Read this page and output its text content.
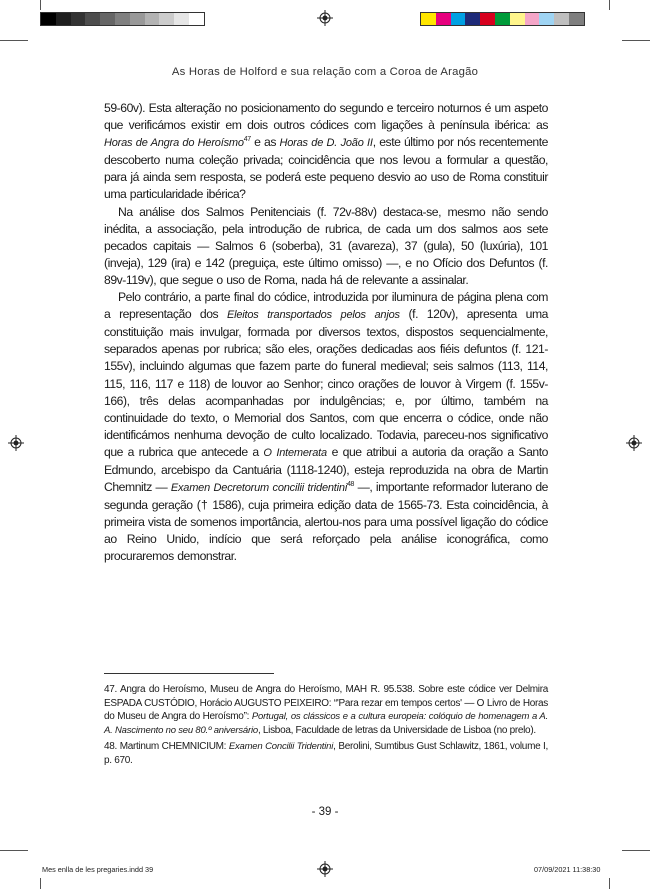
As Horas de Holford e sua relação com a Coroa de Aragão

59-60v). Esta alteração no posicionamento do segundo e terceiro noturnos é um aspeto que verificámos existir em dois outros códices com ligações à península ibérica: as Horas de Angra do Heroísmo$^{47}$ e as Horas de D. João II, este último por nós recentemente descoberto numa coleção privada; coincidência que nos levou a formular a questão, para já ainda sem resposta, se poderá este pequeno desvio ao uso de Roma constituir uma particularidade ibérica?

Na análise dos Salmos Penitenciais (f. 72v-88v) destaca-se, mesmo não sendo inédita, a associação, pela introdução de rubrica, de cada um dos salmos aos sete pecados capitais — Salmos 6 (soberba), 31 (avareza), 37 (gula), 50 (luxúria), 101 (inveja), 129 (ira) e 142 (preguiça, este último omisso) —, e no Ofício dos Defuntos (f. 89v-119v), que segue o uso de Roma, nada há de relevante a assinalar.

Pelo contrário, a parte final do códice, introduzida por iluminura de página plena com a representação dos Eleitos transportados pelos anjos (f. 120v), apresenta uma constituição mais invulgar, formada por diversos textos, dispostos sequencialmente, separados apenas por rubrica; são eles, orações dedicadas aos fiéis defuntos (f. 121-155v), incluindo algumas que fazem parte do funeral medieval; seis salmos (113, 114, 115, 116, 117 e 118) de louvor ao Senhor; cinco orações de louvor à Virgem (f. 155v-166), três delas acompanhadas por indulgências; e, por último, também na continuidade do texto, o Memorial dos Santos, com que encerra o códice, onde não identificámos nenhuma devoção de culto localizado. Todavia, pareceu-nos significativo que a rubrica que antecede a O Intemerata e que atribui a autoria da oração a Santo Edmundo, arcebispo da Cantuária (1118-1240), esteja reproduzida na obra de Martin Chemnitz — Examen Decretorum concilii tridentini$^{48}$ —, importante reformador luterano de segunda geração († 1586), cuja primeira edição data de 1565-73. Esta coincidência, à primeira vista de somenos importância, alertou-nos para uma possível ligação do códice ao Reino Unido, indício que será reforçado pela análise iconográfica, como procuraremos demonstrar.

47. Angra do Heroísmo, Museu de Angra do Heroísmo, MAH R. 95.538. Sobre este códice ver Delmira ESPADA CUSTÓDIO, Horácio AUGUSTO PEIXEIRO: “'Para rezar em tempos certos' — O Livro de Horas do Museu de Angra do Heroísmo”: Portugal, os clássicos e a cultura europeia: colóquio de homenagem a A. A. Nascimento no seu 80.º aniversário, Lisboa, Faculdade de letras da Universidade de Lisboa (no prelo).

48. Martinum CHEMNICIUM: Examen Concilii Tridentini, Berolini, Sumtibus Gust Schlawitz, 1861, volume I, p. 670.

- 39 -
Mes enlla de les pregaries.indd 39	07/09/2021 11:38:30
